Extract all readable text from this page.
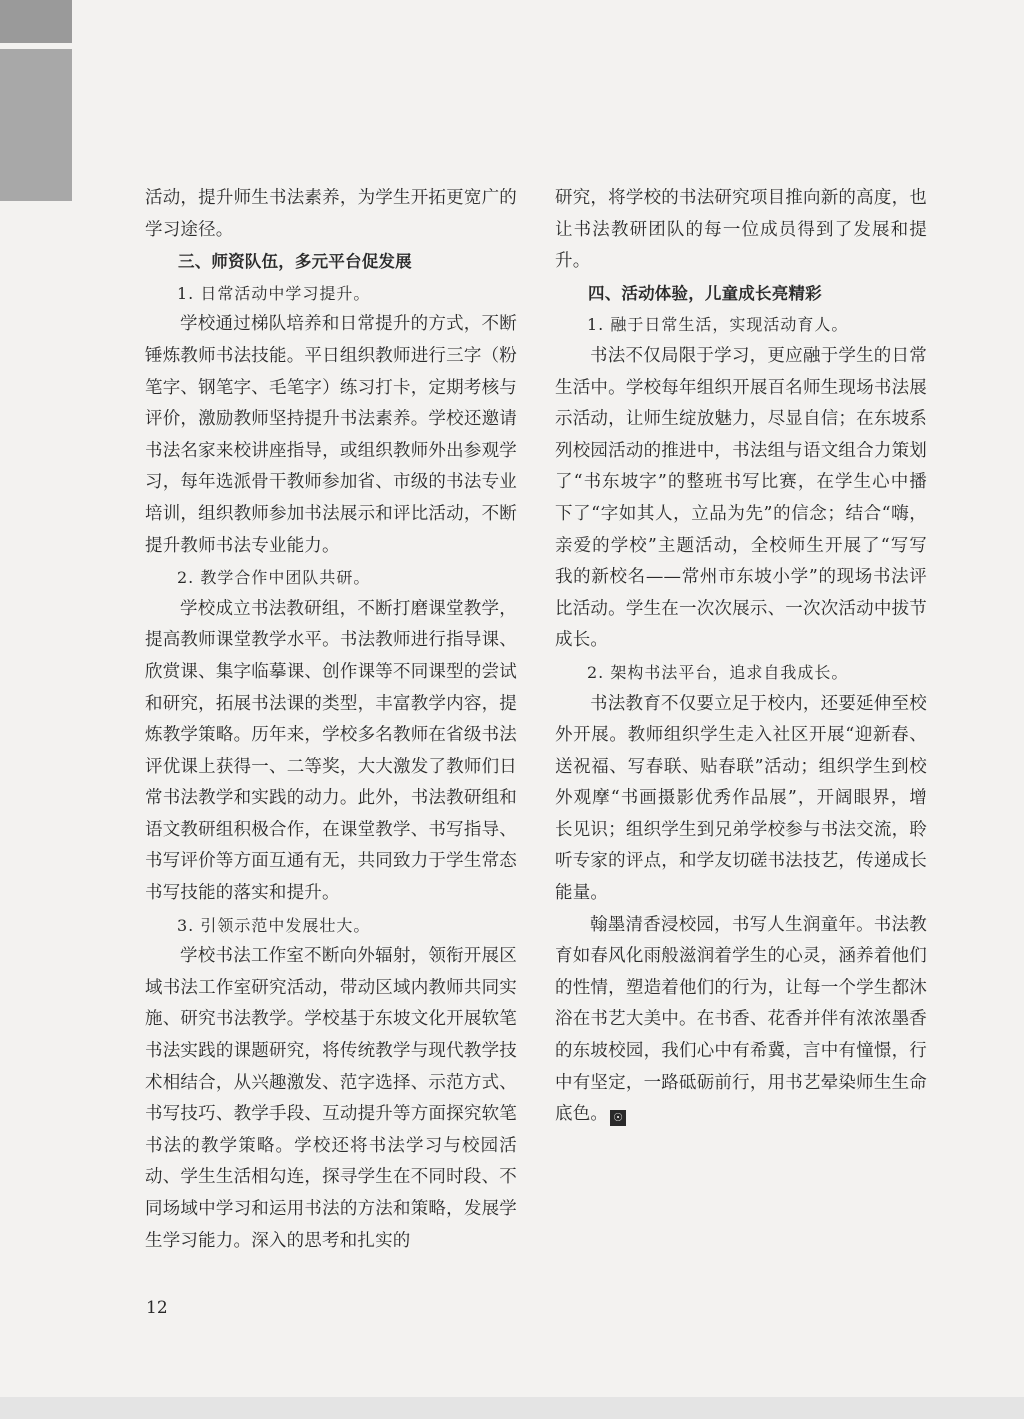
活动，提升师生书法素养，为学生开拓更宽广的学习途径。

三、师资队伍，多元平台促发展

1. 日常活动中学习提升。

学校通过梯队培养和日常提升的方式，不断锤炼教师书法技能。平日组织教师进行三字（粉笔字、钢笔字、毛笔字）练习打卡，定期考核与评价，激励教师坚持提升书法素养。学校还邀请书法名家来校讲座指导，或组织教师外出参观学习，每年选派骨干教师参加省、市级的书法专业培训，组织教师参加书法展示和评比活动，不断提升教师书法专业能力。

2. 教学合作中团队共研。

学校成立书法教研组，不断打磨课堂教学，提高教师课堂教学水平。书法教师进行指导课、欣赏课、集字临摹课、创作课等不同课型的尝试和研究，拓展书法课的类型，丰富教学内容，提炼教学策略。历年来，学校多名教师在省级书法评优课上获得一、二等奖，大大激发了教师们日常书法教学和实践的动力。此外，书法教研组和语文教研组积极合作，在课堂教学、书写指导、书写评价等方面互通有无，共同致力于学生常态书写技能的落实和提升。

3. 引领示范中发展壮大。

学校书法工作室不断向外辐射，领衔开展区域书法工作室研究活动，带动区域内教师共同实施、研究书法教学。学校基于东坡文化开展软笔书法实践的课题研究，将传统教学与现代教学技术相结合，从兴趣激发、范字选择、示范方式、书写技巧、教学手段、互动提升等方面探究软笔书法的教学策略。学校还将书法学习与校园活动、学生生活相勾连，探寻学生在不同时段、不同场域中学习和运用书法的方法和策略，发展学生学习能力。深入的思考和扎实的

研究，将学校的书法研究项目推向新的高度，也让书法教研团队的每一位成员得到了发展和提升。

四、活动体验，儿童成长亮精彩

1. 融于日常生活，实现活动育人。

书法不仅局限于学习，更应融于学生的日常生活中。学校每年组织开展百名师生现场书法展示活动，让师生绽放魅力，尽显自信；在东坡系列校园活动的推进中，书法组与语文组合力策划了“书东坡字”的整班书写比赛，在学生心中播下了“字如其人，立品为先”的信念；结合“嗨，亲爱的学校”主题活动，全校师生开展了“写写我的新校名——常州市东坡小学”的现场书法评比活动。学生在一次次展示、一次次活动中拔节成长。

2. 架构书法平台，追求自我成长。

书法教育不仅要立足于校内，还要延伸至校外开展。教师组织学生走入社区开展“迎新春、送祝福、写春联、贴春联”活动；组织学生到校外观摩“书画摄影优秀作品展”，开阔眼界，增长见识；组织学生到兄弟学校参与书法交流，聆听专家的评点，和学友切磋书法技艺，传递成长能量。

翰墨清香浸校园，书写人生润童年。书法教育如春风化雨般滋润着学生的心灵，涵养着他们的性情，塑造着他们的行为，让每一个学生都沐浴在书艺大美中。在书香、花香并伴有浓浓墨香的东坡校园，我们心中有希冀，言中有憧憬，行中有坚定，一路砥砺前行，用书艺晕染师生生命底色。 ☉

12
